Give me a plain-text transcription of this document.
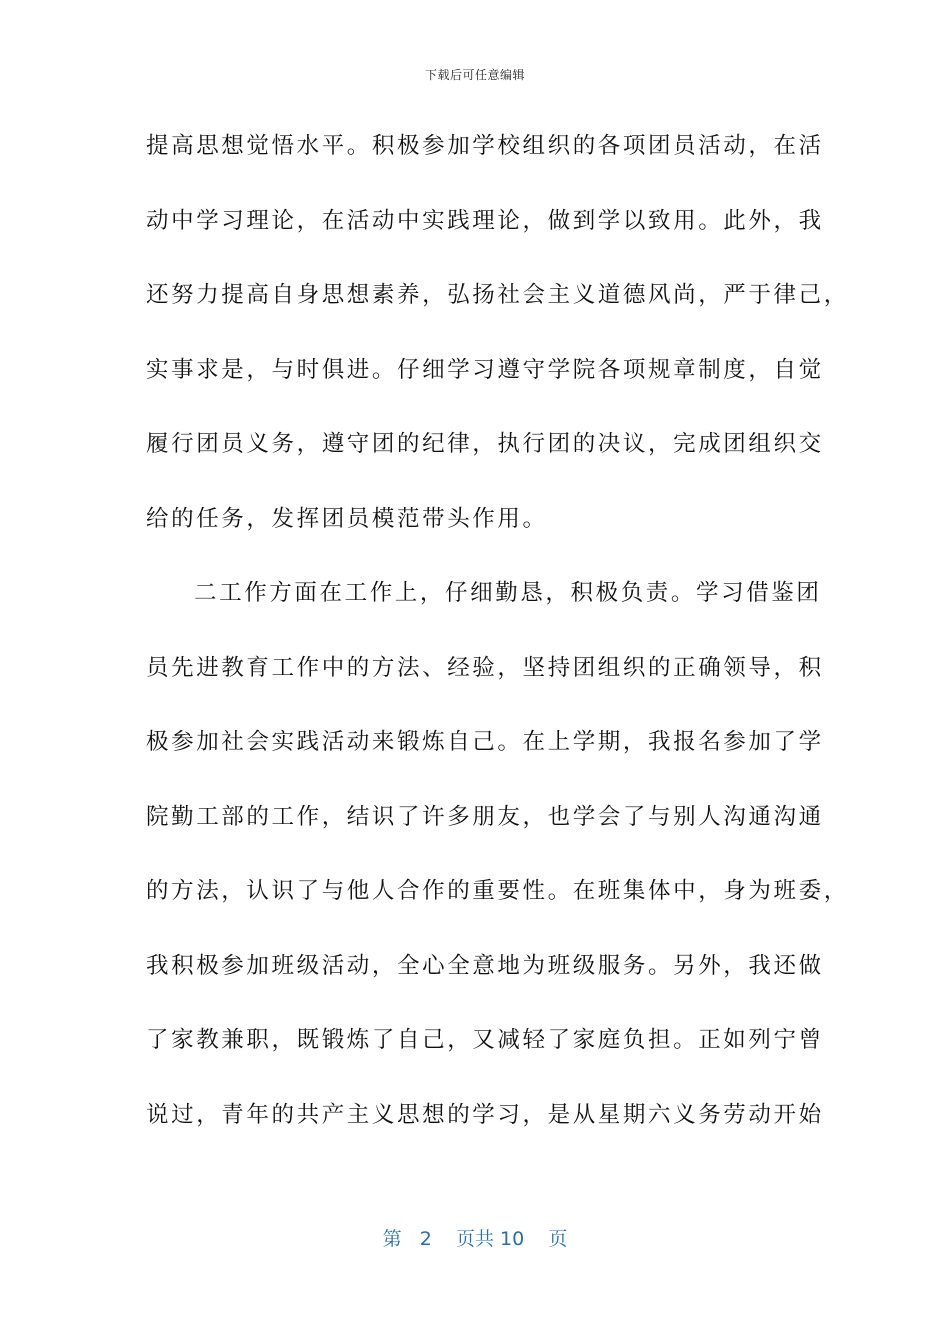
下载后可任意编辑
提高思想觉悟水平。积极参加学校组织的各项团员活动，在活
动中学习理论，在活动中实践理论，做到学以致用。此外，我
还努力提高自身思想素养，弘扬社会主义道德风尚，严于律己，
实事求是，与时俱进。仔细学习遵守学院各项规章制度，自觉
履行团员义务，遵守团的纪律，执行团的决议，完成团组织交
给的任务，发挥团员模范带头作用。
二工作方面在工作上，仔细勤恳，积极负责。学习借鉴团
员先进教育工作中的方法、经验，坚持团组织的正确领导，积
极参加社会实践活动来锻炼自己。在上学期，我报名参加了学
院勤工部的工作，结识了许多朋友，也学会了与别人沟通沟通
的方法，认识了与他人合作的重要性。在班集体中，身为班委，
我积极参加班级活动，全心全意地为班级服务。另外，我还做
了家教兼职，既锻炼了自己，又减轻了家庭负担。正如列宁曾
说过，青年的共产主义思想的学习，是从星期六义务劳动开始
第 2 页共 10 页
